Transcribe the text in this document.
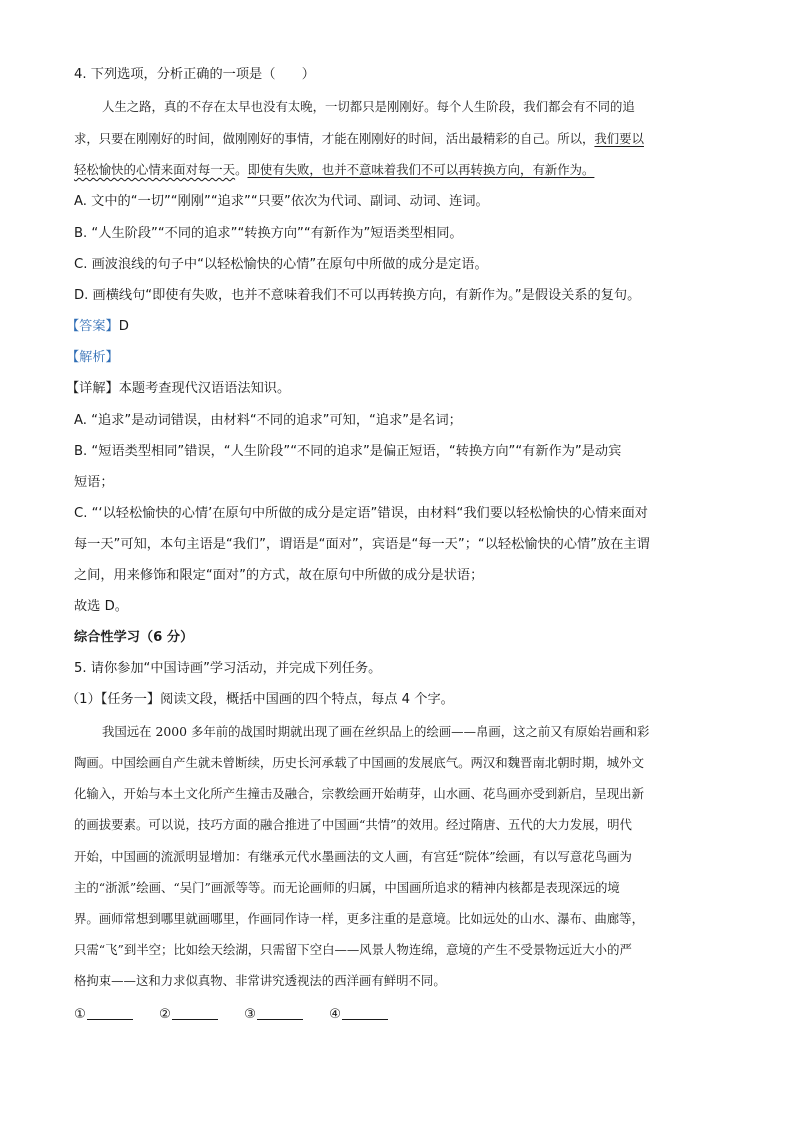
4. 下列选项，分析正确的一项是（　　）
人生之路，真的不存在太早也没有太晚，一切都只是刚刚好。每个人生阶段，我们都会有不同的追
求，只要在刚刚好的时间，做刚刚好的事情，才能在刚刚好的时间，活出最精彩的自己。所以，我们要以
轻松愉快的心情来面对每一天。即使有失败，也并不意味着我们不可以再转换方向，有新作为。
A. 文中的“一切”“刚刚”“追求”“只要”依次为代词、副词、动词、连词。
B. “人生阶段”“不同的追求”“转换方向”“有新作为”短语类型相同。
C. 画波浪线的句子中“以轻松愉快的心情”在原句中所做的成分是定语。
D. 画横线句“即使有失败，也并不意味着我们不可以再转换方向，有新作为。”是假设关系的复句。
【答案】D
【解析】
【详解】本题考查现代汉语语法知识。
A. “追求”是动词错误，由材料“不同的追求”可知，“追求”是名词；
B. “短语类型相同”错误，“人生阶段”“不同的追求”是偏正短语，“转换方向”“有新作为”是动宾
短语；
C. “‘以轻松愉快的心情’在原句中所做的成分是定语”错误，由材料“我们要以轻松愉快的心情来面对
每一天”可知，本句主语是“我们”，谓语是“面对”，宾语是“每一天”；“以轻松愉快的心情”放在主谓
之间，用来修饰和限定“面对”的方式，故在原句中所做的成分是状语；
故选 D。
综合性学习（6 分）
5. 请你参加“中国诗画”学习活动，并完成下列任务。
（1）【任务一】阅读文段，概括中国画的四个特点，每点 4 个字。
我国远在 2000 多年前的战国时期就出现了画在丝织品上的绘画——帛画，这之前又有原始岩画和彩
陶画。中国绘画自产生就未曾断续，历史长河承载了中国画的发展底气。两汉和魏晋南北朝时期，城外文
化输入，开始与本土文化所产生撞击及融合，宗教绘画开始萌芽，山水画、花鸟画亦受到新启，呈现出新
的画拔要素。可以说，技巧方面的融合推进了中国画“共情”的效用。经过隋唐、五代的大力发展，明代
开始，中国画的流派明显增加：有继承元代水墨画法的文人画，有宫廷“院体”绘画，有以写意花鸟画为
主的“浙派”绘画、“吴门”画派等等。而无论画师的归属，中国画所追求的精神内核都是表现深远的境
界。画师常想到哪里就画哪里，作画同作诗一样，更多注重的是意境。比如远处的山水、瀑布、曲廊等，
只需“飞”到半空；比如绘天绘湖，只需留下空白——风景人物连绵，意境的产生不受景物远近大小的严
格拘束——这和力求似真物、非常讲究透视法的西洋画有鲜明不同。
①	②	③	④
